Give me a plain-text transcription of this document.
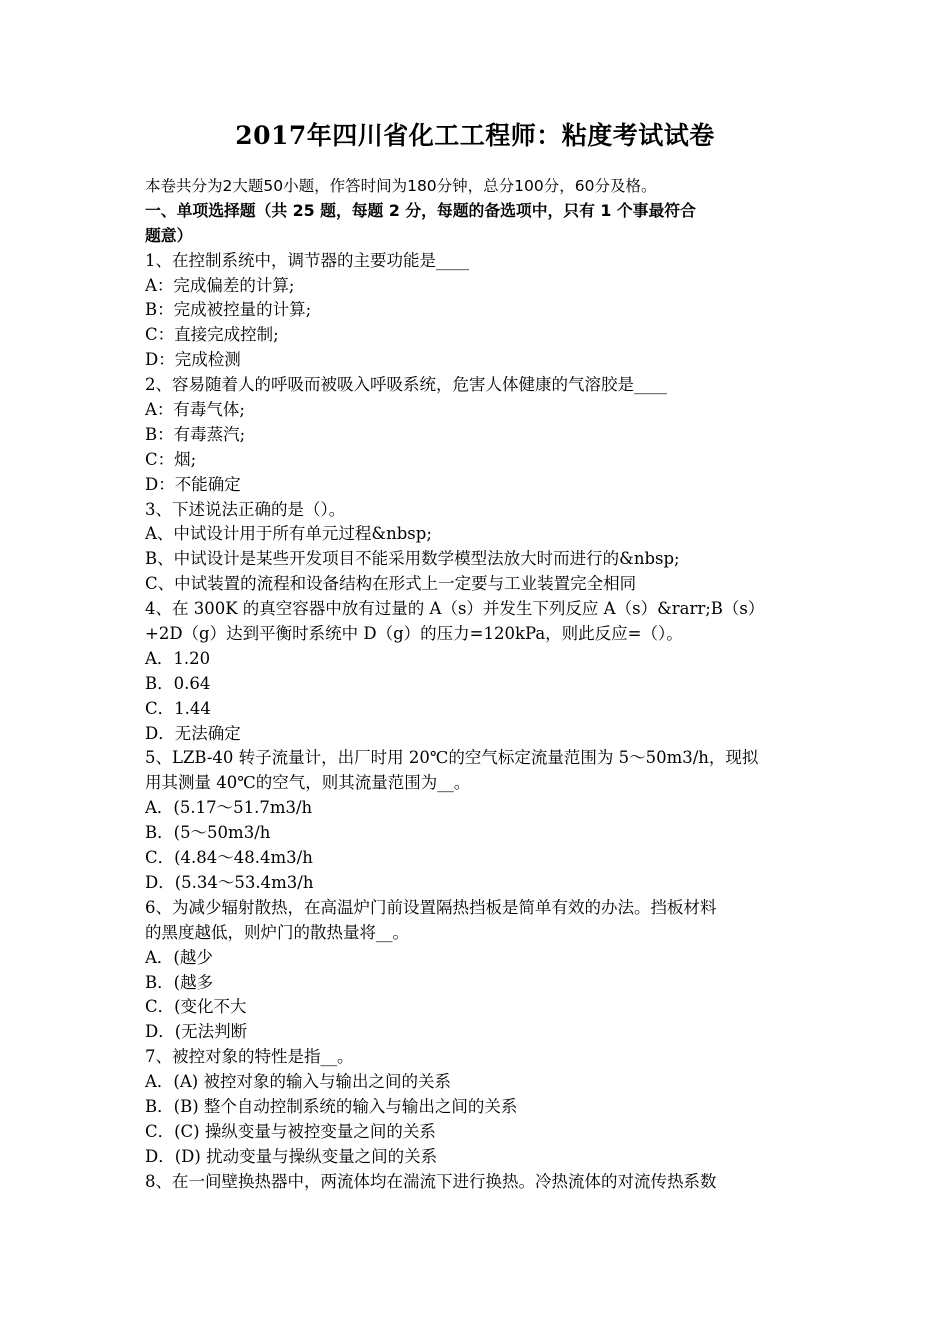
2017年四川省化工工程师：粘度考试试卷
本卷共分为2大题50小题，作答时间为180分钟，总分100分，60分及格。
一、单项选择题（共 25 题，每题 2 分，每题的备选项中，只有 1 个事最符合
题意）
1、在控制系统中，调节器的主要功能是____
A：完成偏差的计算;
B：完成被控量的计算;
C：直接完成控制;
D：完成检测
2、容易随着人的呼吸而被吸入呼吸系统，危害人体健康的气溶胶是____
A：有毒气体;
B：有毒蒸汽;
C：烟;
D：不能确定
3、下述说法正确的是（）。
A、中试设计用于所有单元过程&nbsp;
B、中试设计是某些开发项目不能采用数学模型法放大时而进行的&nbsp;
C、中试装置的流程和设备结构在形式上一定要与工业装置完全相同
4、在 300K 的真空容器中放有过量的 A（s）并发生下列反应 A（s）&rarr;B（s）
+2D（g）达到平衡时系统中 D（g）的压力=120kPa，则此反应=（）。
A．1.20
B．0.64
C．1.44
D．无法确定
5、LZB-40 转子流量计，出厂时用 20℃的空气标定流量范围为 5～50m3/h，现拟
用其测量 40℃的空气，则其流量范围为__。
A．(5.17～51.7m3/h
B．(5～50m3/h
C．(4.84～48.4m3/h
D．(5.34～53.4m3/h
6、为减少辐射散热，在高温炉门前设置隔热挡板是简单有效的办法。挡板材料
的黑度越低，则炉门的散热量将__。
A．(越少
B．(越多
C．(变化不大
D．(无法判断
7、被控对象的特性是指__。
A．(A) 被控对象的输入与输出之间的关系
B．(B) 整个自动控制系统的输入与输出之间的关系
C．(C) 操纵变量与被控变量之间的关系
D．(D) 扰动变量与操纵变量之间的关系
8、在一间壁换热器中，两流体均在湍流下进行换热。冷热流体的对流传热系数
